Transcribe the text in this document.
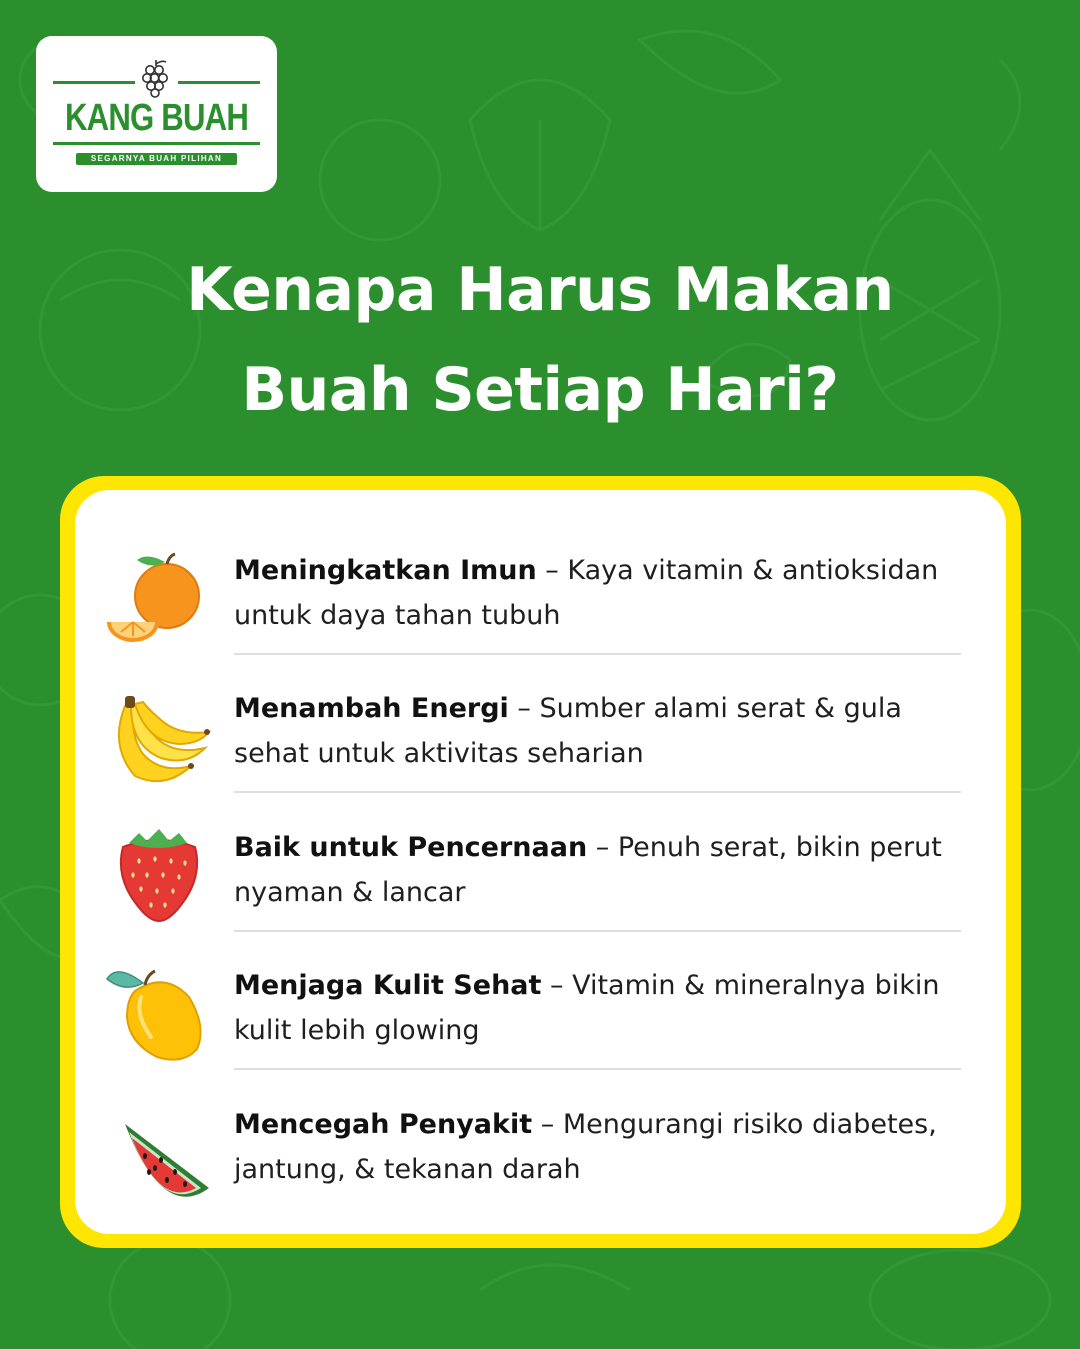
KANG BUAH
SEGARNYA BUAH PILIHAN
Kenapa Harus Makan
Buah Setiap Hari?
Meningkatkan Imun – Kaya vitamin & antioksidan untuk daya tahan tubuh
Menambah Energi – Sumber alami serat & gula sehat untuk aktivitas seharian
Baik untuk Pencernaan – Penuh serat, bikin perut nyaman & lancar
Menjaga Kulit Sehat – Vitamin & mineralnya bikin kulit lebih glowing
Mencegah Penyakit – Mengurangi risiko diabetes, jantung, & tekanan darah
